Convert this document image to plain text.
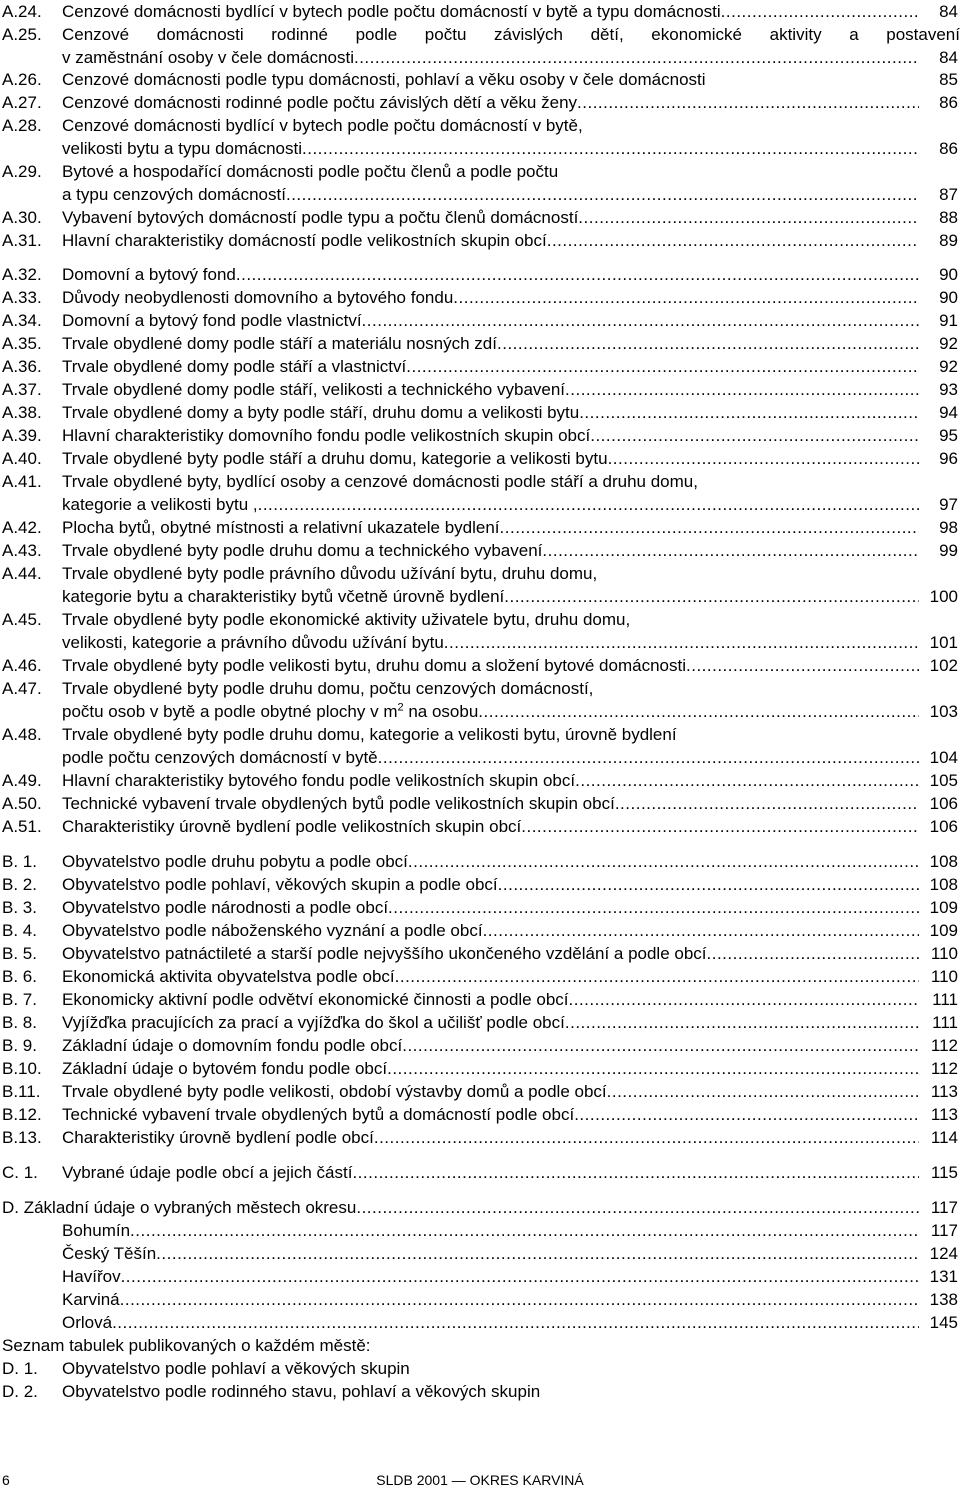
A.24. Cenzové domácnosti bydlící v bytech podle počtu domácností v bytě a typu domácnosti .....	84
A.25. Cenzové domácnosti rodinné podle počtu závislých dětí, ekonomické aktivity a postavení
v zaměstnání osoby v čele domácnosti .....	84
A.26. Cenzové domácnosti podle typu domácnosti, pohlaví a věku osoby v čele domácnosti	85
A.27. Cenzové domácnosti rodinné podle počtu závislých dětí a věku ženy .....	86
A.28. Cenzové domácnosti bydlící v bytech podle počtu domácností v bytě,
velikosti bytu a typu domácnosti .....	86
A.29. Bytové a hospodařící domácnosti podle počtu členů a podle počtu
a typu cenzových domácností .....	87
A.30. Vybavení bytových domácností podle typu a počtu členů domácností .....	88
A.31. Hlavní charakteristiky domácností podle velikostních skupin obcí .....	89
A.32. Domovní a bytový fond .....	90
A.33. Důvody neobydlenosti domovního a bytového fondu .....	90
A.34. Domovní a bytový fond podle vlastnictví .....	91
A.35. Trvale obydlené domy podle stáří a materiálu nosných zdí .....	92
A.36. Trvale obydlené domy podle stáří a vlastnictví .....	92
A.37. Trvale obydlené domy podle stáří, velikosti a technického vybavení .....	93
A.38. Trvale obydlené domy a byty podle stáří, druhu domu a velikosti bytu .....	94
A.39. Hlavní charakteristiky domovního fondu podle velikostních skupin obcí .....	95
A.40. Trvale obydlené byty podle stáří a druhu domu, kategorie a velikosti bytu .....	96
A.41. Trvale obydlené byty, bydlící osoby a cenzové domácnosti podle stáří a druhu domu,
kategorie a velikosti bytu , .....	97
A.42. Plocha bytů, obytné místnosti a relativní ukazatele bydlení .....	98
A.43. Trvale obydlené byty podle druhu domu a technického vybavení .....	99
A.44. Trvale obydlené byty podle právního důvodu užívání bytu, druhu domu,
kategorie bytu a charakteristiky bytů včetně úrovně bydlení .....	100
A.45. Trvale obydlené byty podle ekonomické aktivity uživatele bytu, druhu domu,
velikosti, kategorie a právního důvodu užívání bytu .....	101
A.46. Trvale obydlené byty podle velikosti bytu, druhu domu a složení bytové domácnosti .....	102
A.47. Trvale obydlené byty podle druhu domu, počtu cenzových domácností,
počtu osob v bytě a podle obytné plochy v $m^2$ na osobu .....	103
A.48. Trvale obydlené byty podle druhu domu, kategorie a velikosti bytu, úrovně bydlení
podle počtu cenzových domácností v bytě .....	104
A.49. Hlavní charakteristiky bytového fondu podle velikostních skupin obcí .....	105
A.50. Technické vybavení trvale obydlených bytů podle velikostních skupin obcí .....	106
A.51. Charakteristiky úrovně bydlení podle velikostních skupin obcí .....	106
B. 1. Obyvatelstvo podle druhu pobytu a podle obcí .....	108
B. 2. Obyvatelstvo podle pohlaví, věkových skupin a podle obcí .....	108
B. 3. Obyvatelstvo podle národnosti a podle obcí .....	109
B. 4. Obyvatelstvo podle náboženského vyznání a podle obcí .....	109
B. 5. Obyvatelstvo patnáctileté a starší podle nejvyššího ukončeného vzdělání a podle obcí .....	110
B. 6. Ekonomická aktivita obyvatelstva podle obcí .....	110
B. 7. Ekonomicky aktivní podle odvětví ekonomické činnosti a podle obcí .....	111
B. 8. Vyjížďka pracujících za prací a vyjížďka do škol a učilišť podle obcí .....	111
B. 9. Základní údaje o domovním fondu podle obcí .....	112
B.10. Základní údaje o bytovém fondu podle obcí .....	112
B.11. Trvale obydlené byty podle velikosti, období výstavby domů a podle obcí .....	113
B.12. Technické vybavení trvale obydlených bytů a domácností podle obcí .....	113
B.13. Charakteristiky úrovně bydlení podle obcí .....	114
C. 1. Vybrané údaje podle obcí a jejich částí .....	115
D. Základní údaje o vybraných městech okresu .....	117
Bohumín .....	117
Český Těšín .....	124
Havířov .....	131
Karviná .....	138
Orlová .....	145
Seznam tabulek publikovaných o každém městě:
D. 1. Obyvatelstvo podle pohlaví a věkových skupin
D. 2. Obyvatelstvo podle rodinného stavu, pohlaví a věkových skupin
6	SLDB 2001 — OKRES KARVINÁ
